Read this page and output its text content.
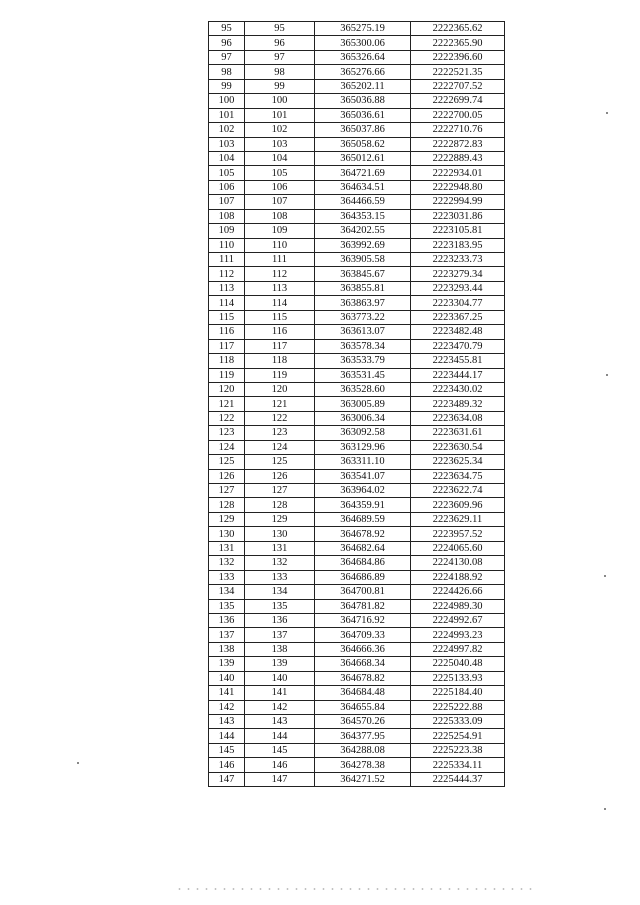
95	95	365275.19	2222365.62
96	96	365300.06	2222365.90
97	97	365326.64	2222396.60
98	98	365276.66	2222521.35
99	99	365202.11	2222707.52
100	100	365036.88	2222699.74
101	101	365036.61	2222700.05
102	102	365037.86	2222710.76
103	103	365058.62	2222872.83
104	104	365012.61	2222889.43
105	105	364721.69	2222934.01
106	106	364634.51	2222948.80
107	107	364466.59	2222994.99
108	108	364353.15	2223031.86
109	109	364202.55	2223105.81
110	110	363992.69	2223183.95
111	111	363905.58	2223233.73
112	112	363845.67	2223279.34
113	113	363855.81	2223293.44
114	114	363863.97	2223304.77
115	115	363773.22	2223367.25
116	116	363613.07	2223482.48
117	117	363578.34	2223470.79
118	118	363533.79	2223455.81
119	119	363531.45	2223444.17
120	120	363528.60	2223430.02
121	121	363005.89	2223489.32
122	122	363006.34	2223634.08
123	123	363092.58	2223631.61
124	124	363129.96	2223630.54
125	125	363311.10	2223625.34
126	126	363541.07	2223634.75
127	127	363964.02	2223622.74
128	128	364359.91	2223609.96
129	129	364689.59	2223629.11
130	130	364678.92	2223957.52
131	131	364682.64	2224065.60
132	132	364684.86	2224130.08
133	133	364686.89	2224188.92
134	134	364700.81	2224426.66
135	135	364781.82	2224989.30
136	136	364716.92	2224992.67
137	137	364709.33	2224993.23
138	138	364666.36	2224997.82
139	139	364668.34	2225040.48
140	140	364678.82	2225133.93
141	141	364684.48	2225184.40
142	142	364655.84	2225222.88
143	143	364570.26	2225333.09
144	144	364377.95	2225254.91
145	145	364288.08	2225223.38
146	146	364278.38	2225334.11
147	147	364271.52	2225444.37
